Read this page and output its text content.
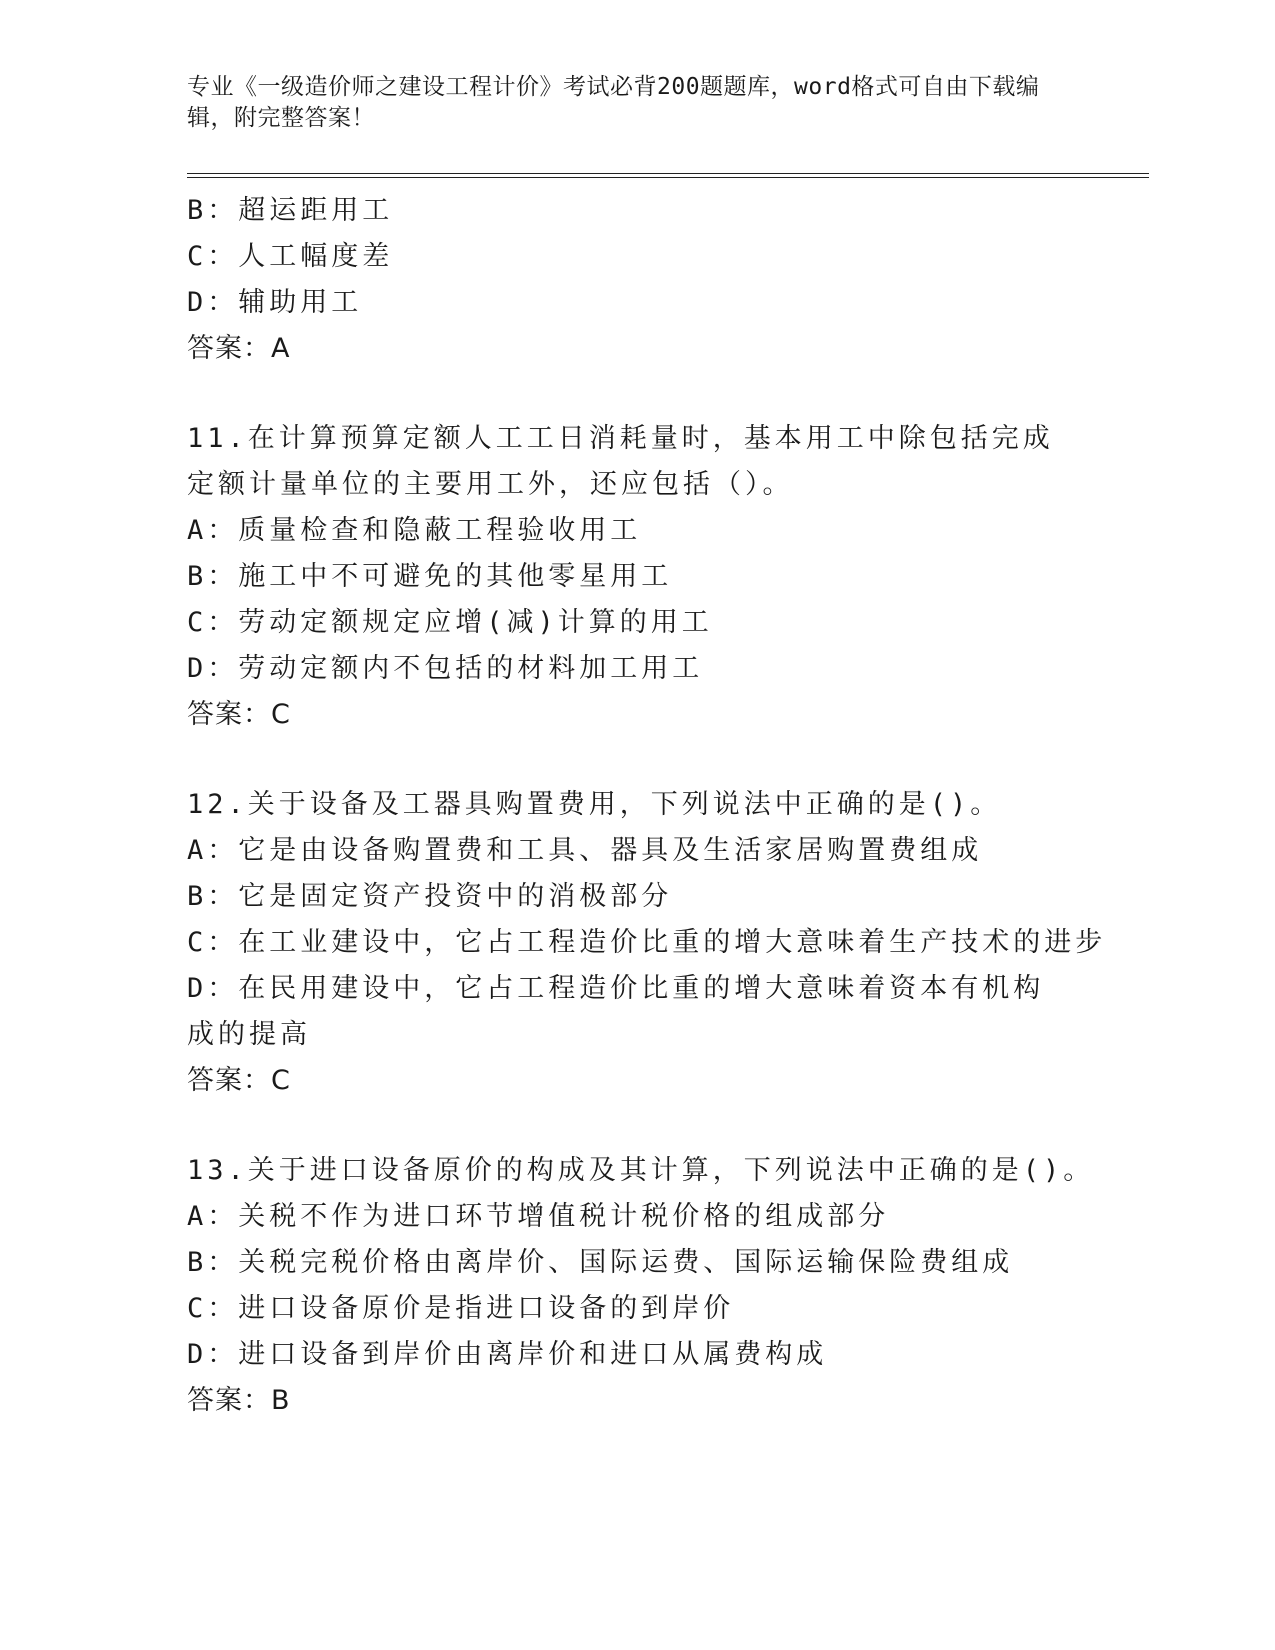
专业《一级造价师之建设工程计价》考试必背200题题库，word格式可自由下载编辑，附完整答案！
B：超运距用工
C：人工幅度差
D：辅助用工
答案：A
11.在计算预算定额人工工日消耗量时，基本用工中除包括完成定额计量单位的主要用工外，还应包括（）。
A：质量检查和隐蔽工程验收用工
B：施工中不可避免的其他零星用工
C：劳动定额规定应增(减)计算的用工
D：劳动定额内不包括的材料加工用工
答案：C
12.关于设备及工器具购置费用，下列说法中正确的是()。
A：它是由设备购置费和工具、器具及生活家居购置费组成
B：它是固定资产投资中的消极部分
C：在工业建设中，它占工程造价比重的增大意味着生产技术的进步
D：在民用建设中，它占工程造价比重的增大意味着资本有机构成的提高
答案：C
13.关于进口设备原价的构成及其计算，下列说法中正确的是()。
A：关税不作为进口环节增值税计税价格的组成部分
B：关税完税价格由离岸价、国际运费、国际运输保险费组成
C：进口设备原价是指进口设备的到岸价
D：进口设备到岸价由离岸价和进口从属费构成
答案：B
